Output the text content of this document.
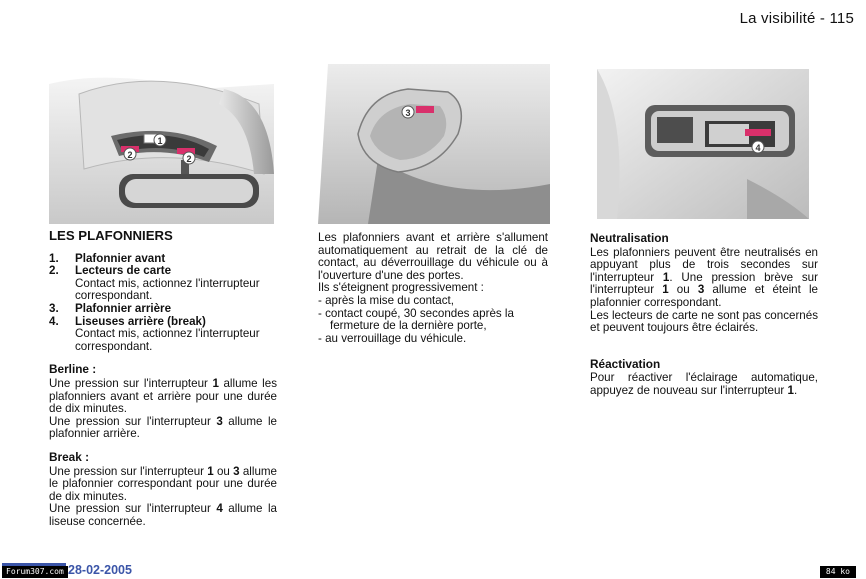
La visibilité - 115
1
2	2
3
4
LES PLAFONNIERS
1. Plafonnier avant
2. Lecteurs de carte
Contact mis, actionnez l'interrupteur correspondant.
3. Plafonnier arrière
4. Liseuses arrière (break)
Contact mis, actionnez l'interrupteur correspondant.
Berline :

Une pression sur l'interrupteur 1 allume les plafonniers avant et arrière pour une durée de dix minutes.

Une pression sur l'interrupteur 3 allume le plafonnier arrière.

Break :

Une pression sur l'interrupteur 1 ou 3 allume le plafonnier correspondant pour une durée de dix minutes.

Une pression sur l'interrupteur 4 allume la liseuse concernée.

Les plafonniers avant et arrière s'allument automatiquement au retrait de la clé de contact, au déverrouillage du véhicule ou à l'ouverture d'une des portes.

Ils s'éteignent progressivement :

- après la mise du contact,

- contact coupé, 30 secondes après la fermeture de la dernière porte,

- au verrouillage du véhicule.

Neutralisation

Les plafonniers peuvent être neutralisés en appuyant plus de trois secondes sur l'interrupteur 1. Une pression brève sur l'interrupteur 1 ou 3 allume et éteint le plafonnier correspondant.

Les lecteurs de carte ne sont pas concernés et peuvent toujours être éclairés.

Réactivation

Pour réactiver l'éclairage automatique, appuyez de nouveau sur l'interrupteur 1.

28-02-2005
Forum307.com	84 ko
